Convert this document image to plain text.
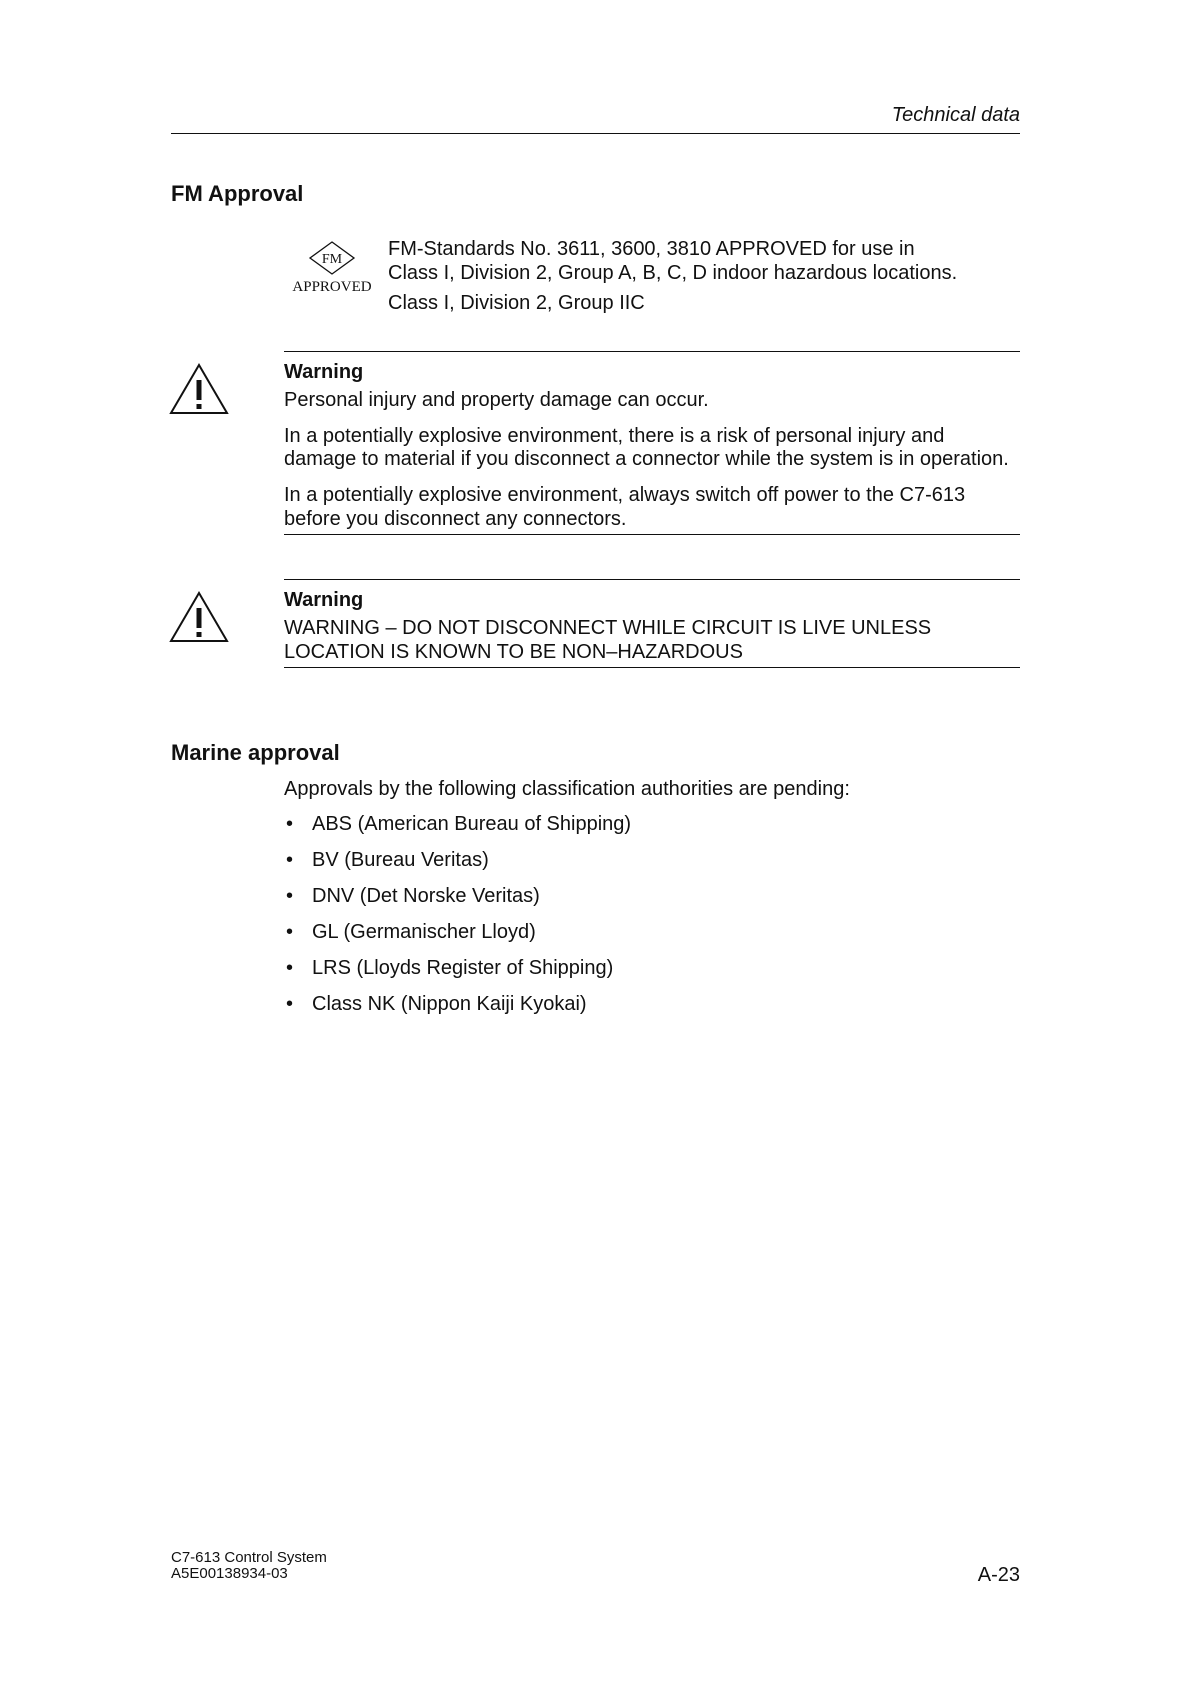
Technical data
FM Approval
FM
APPROVED
FM-Standards No. 3611, 3600, 3810 APPROVED for use in
Class I, Division 2, Group A, B, C, D indoor hazardous locations.
Class I, Division 2, Group IIC
Warning
Personal injury and property damage can occur.
In a potentially explosive environment, there is a risk of personal injury and
damage to material if you disconnect a connector while the system is in operation.
In a potentially explosive environment, always switch off power to the C7-613
before you disconnect any connectors.
Warning
WARNING – DO NOT DISCONNECT WHILE CIRCUIT IS LIVE UNLESS
LOCATION IS KNOWN TO BE NON–HAZARDOUS
Marine approval
Approvals by the following classification authorities are pending:
• ABS (American Bureau of Shipping)
• BV (Bureau Veritas)
• DNV (Det Norske Veritas)
• GL (Germanischer Lloyd)
• LRS (Lloyds Register of Shipping)
• Class NK (Nippon Kaiji Kyokai)
C7-613 Control System
A5E00138934-03	A-23
